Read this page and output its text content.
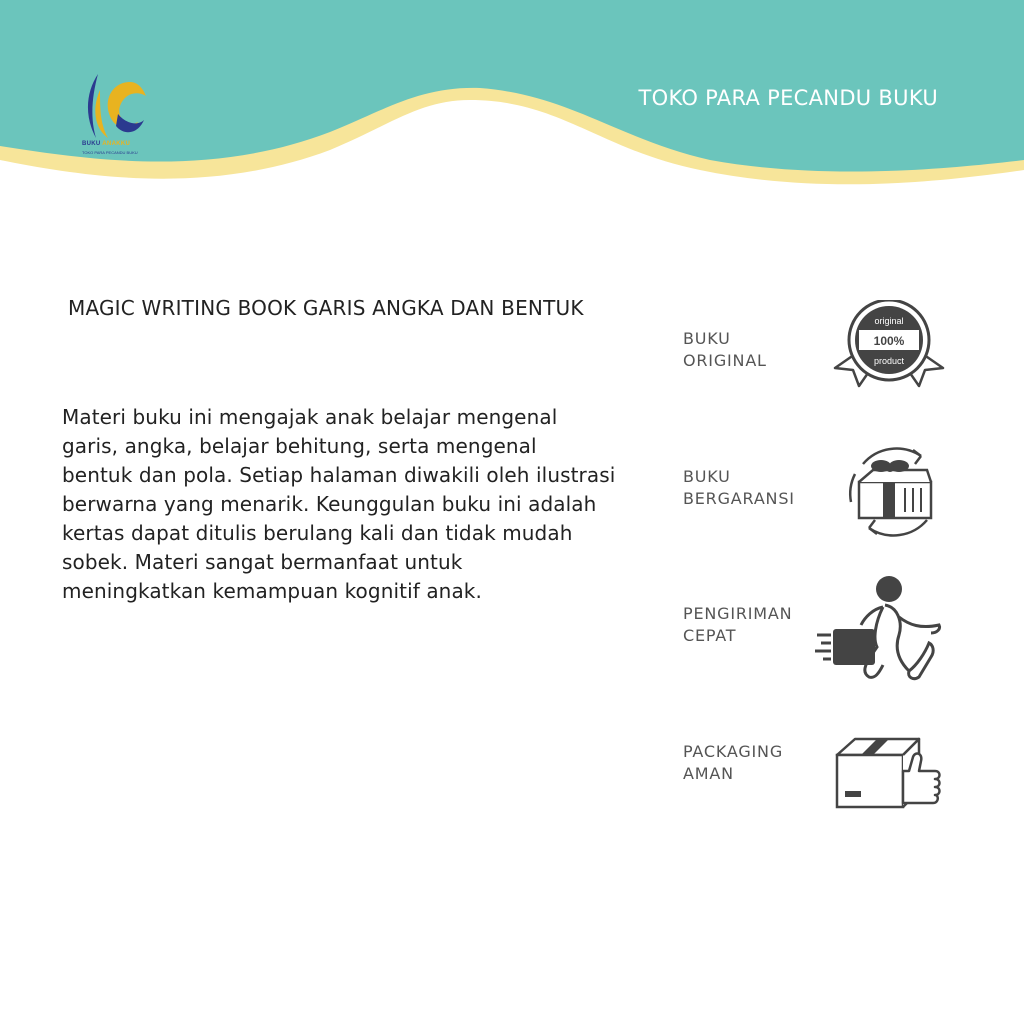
BUKU ANAKKU
TOKO PARA PECANDU BUKU
TOKO PARA PECANDU BUKU
MAGIC WRITING BOOK GARIS ANGKA DAN BENTUK
Materi buku ini mengajak anak belajar mengenal
garis, angka, belajar behitung, serta mengenal
bentuk dan pola. Setiap halaman diwakili oleh ilustrasi
berwarna yang menarik. Keunggulan buku ini adalah
kertas dapat ditulis berulang kali dan tidak mudah
sobek. Materi sangat bermanfaat untuk
meningkatkan kemampuan kognitif anak.
BUKU
ORIGINAL
100%
original
product
BUKU
BERGARANSI
PENGIRIMAN
CEPAT
PACKAGING
AMAN
